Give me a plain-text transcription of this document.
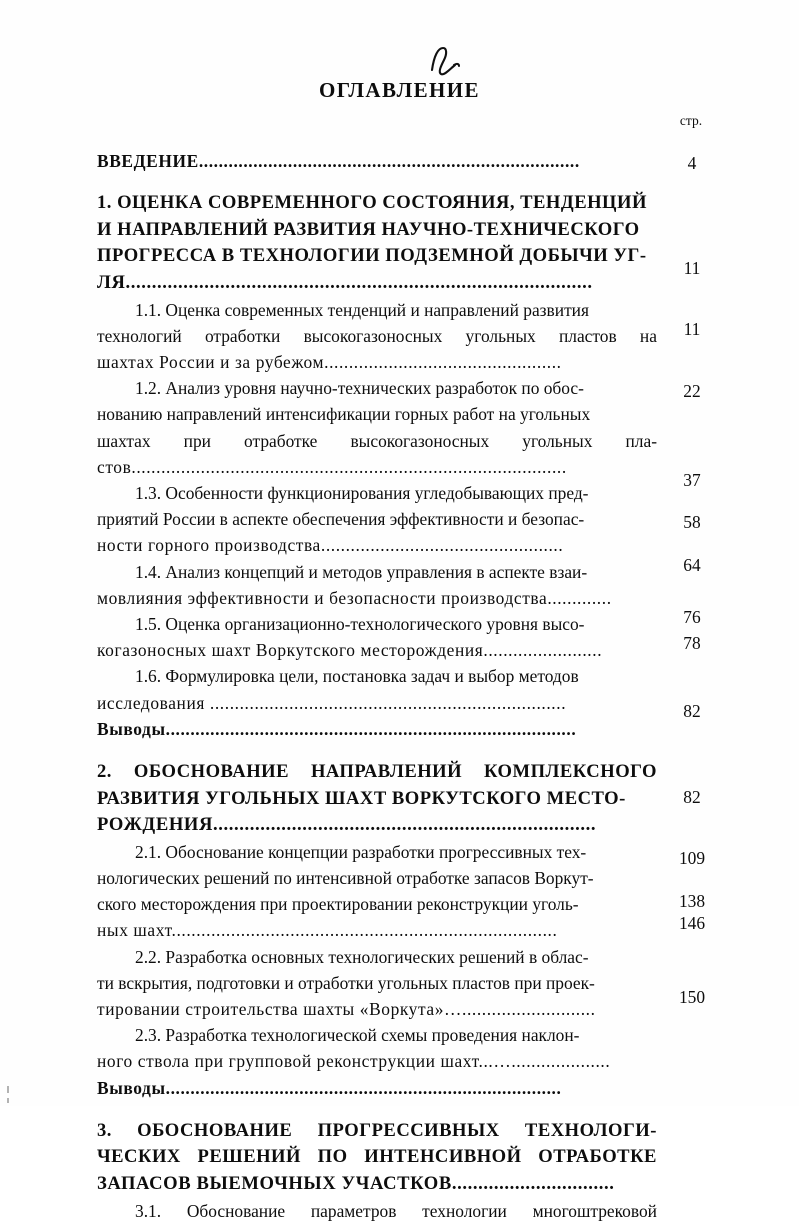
ОГЛАВЛЕНИЕ
стр.
4
11
11
22
37
58
64
76
78
82
82
109
138
146
150
ВВЕДЕНИЕ.............................................................................
1. ОЦЕНКА СОВРЕМЕННОГО СОСТОЯНИЯ, ТЕНДЕНЦИЙ
И НАПРАВЛЕНИЙ РАЗВИТИЯ НАУЧНО-ТЕХНИЧЕСКОГО
ПРОГРЕССА В ТЕХНОЛОГИИ ПОДЗЕМНОЙ ДОБЫЧИ УГ-
ЛЯ.........................................................................................
1.1. Оценка современных тенденций и направлений развития
технологий отработки высокогазоносных угольных пластов на
шахтах России и за рубежом................................................
1.2. Анализ уровня научно-технических разработок по обос-
нованию направлений интенсификации горных работ на угольных
шахтах при отработке высокогазоносных угольных пла-
стов........................................................................................
1.3. Особенности функционирования угледобывающих пред-
приятий России в аспекте обеспечения эффективности и безопас-
ности горного производства.................................................
1.4. Анализ концепций и методов управления в аспекте взаи-
мовлияния эффективности и безопасности производства.............
1.5. Оценка организационно-технологического уровня высо-
когазоносных шахт Воркутского месторождения........................
1.6. Формулировка цели, постановка задач и выбор методов
исследования ........................................................................
Выводы...................................................................................
2. ОБОСНОВАНИЕ НАПРАВЛЕНИЙ КОМПЛЕКСНОГО
РАЗВИТИЯ УГОЛЬНЫХ ШАХТ ВОРКУТСКОГО МЕСТО-
РОЖДЕНИЯ.........................................................................
2.1. Обоснование концепции разработки прогрессивных тех-
нологических решений по интенсивной отработке запасов Воркут-
ского месторождения при проектировании реконструкции уголь-
ных шахт..............................................................................
2.2. Разработка основных технологических решений в облас-
ти вскрытия, подготовки и отработки угольных пластов при проек-
тировании строительства шахты «Воркута»…...........................
2.3. Разработка технологической схемы проведения наклон-
ного ствола при групповой реконструкции шахт...…....................
Выводы................................................................................
3. ОБОСНОВАНИЕ ПРОГРЕССИВНЫХ ТЕХНОЛОГИ-
ЧЕСКИХ РЕШЕНИЙ ПО ИНТЕНСИВНОЙ ОТРАБОТКЕ
ЗАПАСОВ ВЫЕМОЧНЫХ УЧАСТКОВ...............................
3.1. Обоснование параметров технологии многоштрековой
